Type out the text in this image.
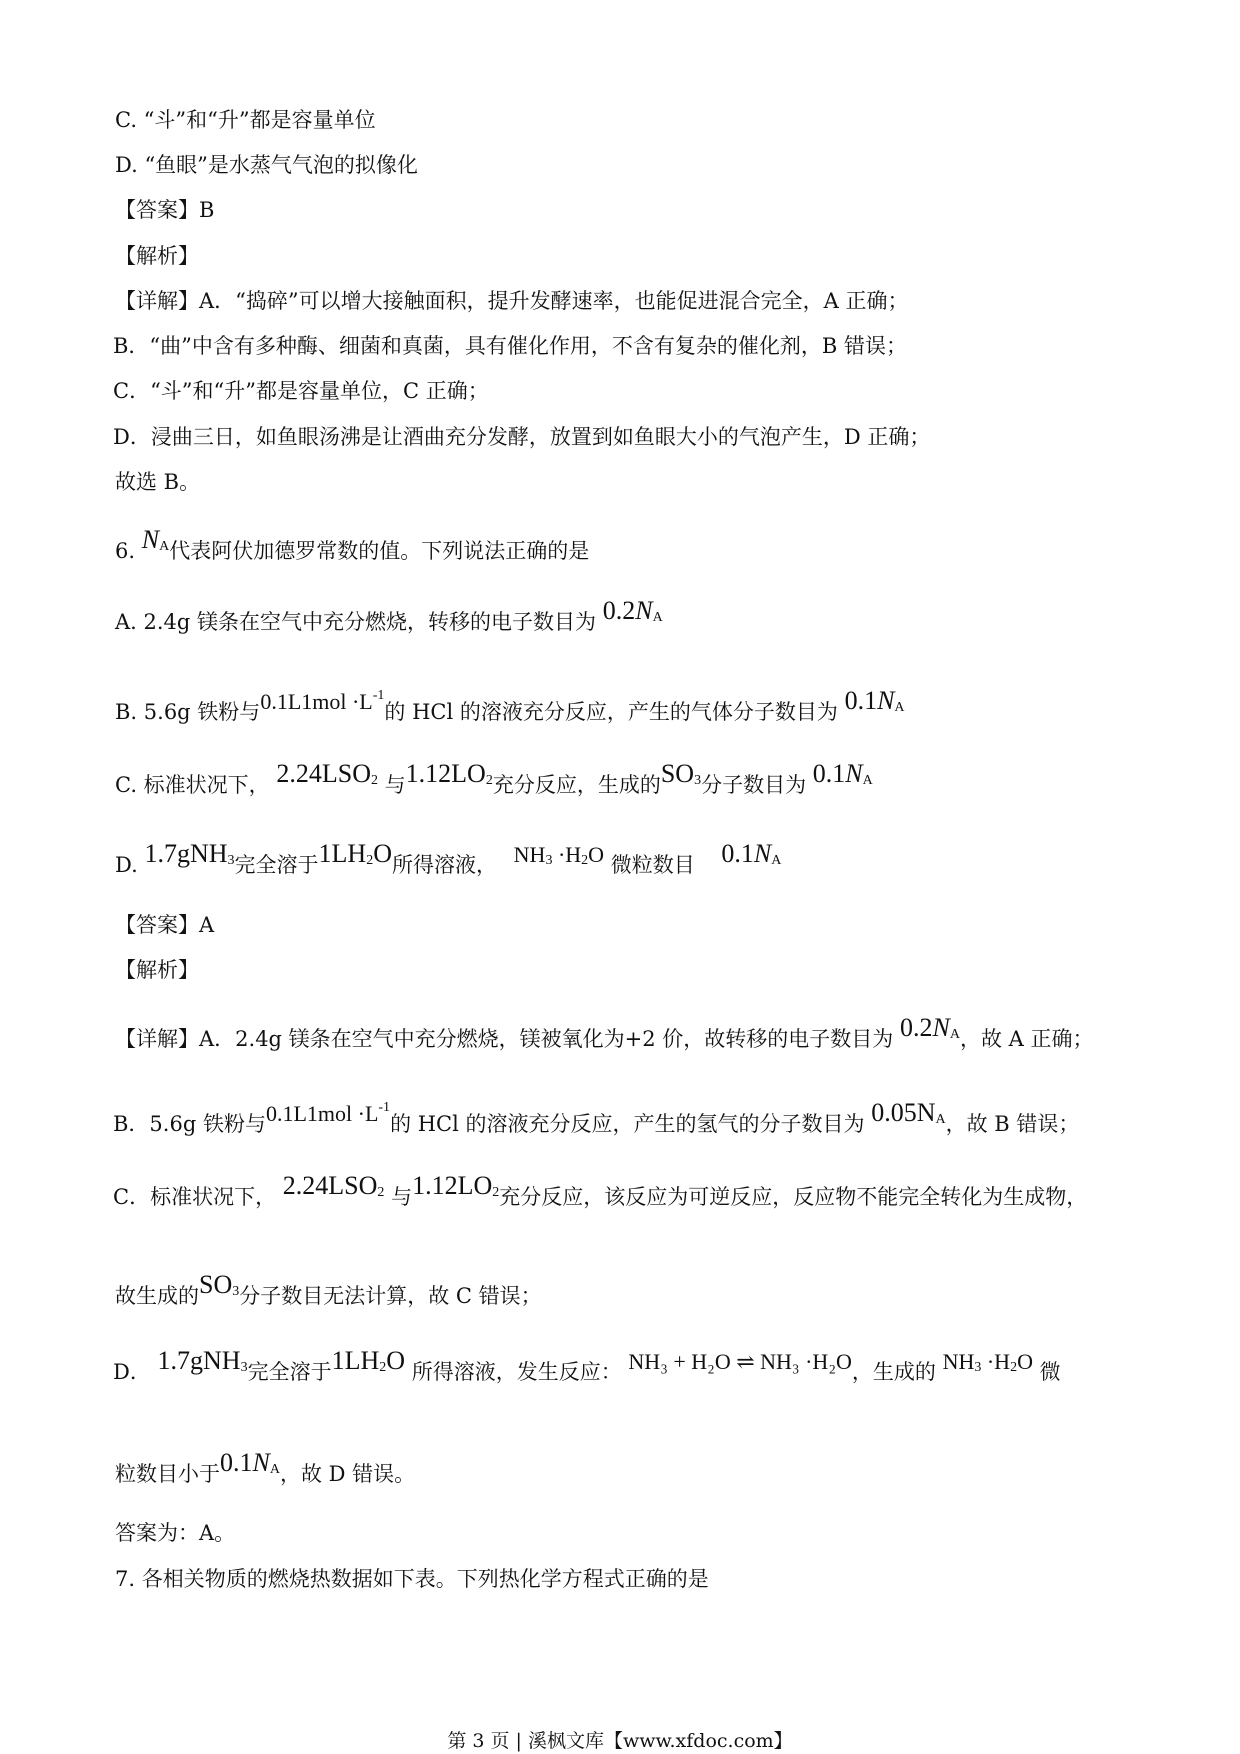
C. “斗”和“升”都是容量单位
D. “鱼眼”是水蒸气气泡的拟像化
【答案】B
【解析】
【详解】A．“捣碎”可以增大接触面积，提升发酵速率，也能促进混合完全，A 正确；
B．“曲”中含有多种酶、细菌和真菌，具有催化作用，不含有复杂的催化剂，B 错误；
C．“斗”和“升”都是容量单位，C 正确；
D．浸曲三日，如鱼眼汤沸是让酒曲充分发酵，放置到如鱼眼大小的气泡产生，D 正确；
故选 B。
6. $N_A$代表阿伏加德罗常数的值。下列说法正确的是
A. 2.4g 镁条在空气中充分燃烧，转移的电子数目为 $0.2N_A$
B. 5.6g 铁粉与$0.1L1mol \cdot L^{-1}$的 HCl 的溶液充分反应，产生的气体分子数目为 $0.1N_A$
C. 标准状况下， $2.24LSO_2$ 与$1.12LO_2$充分反应，生成的$SO_3$分子数目为 $0.1N_A$
D. 1.7gNH$_3$完全溶于$1LH_2O$所得溶液， $NH_3 \cdot H_2O$ 微粒数目 $0.1N_A$
【答案】A
【解析】
【详解】A．2.4g 镁条在空气中充分燃烧，镁被氧化为+2 价，故转移的电子数目为 $0.2N_A$，故 A 正确；
B．5.6g 铁粉与$0.1L1mol \cdot L^{-1}$的 HCl 的溶液充分反应，产生的氢气的分子数目为 $0.05N_A$，故 B 错误；
C．标准状况下， $2.24LSO_2$ 与$1.12LO_2$充分反应，该反应为可逆反应，反应物不能完全转化为生成物，
故生成的$SO_3$分子数目无法计算，故 C 错误；
D． 1.7gNH$_3$完全溶于$1LH_2O$ 所得溶液，发生反应： NH₃ + H₂O ⇌ NH₃ ·H₂O，生成的 $NH_3 \cdot H_2O$ 微
粒数目小于$0.1N_A$，故 D 错误。
答案为：A。
7. 各相关物质的燃烧热数据如下表。下列热化学方程式正确的是
第 3 页 | 溪枫文库【www.xfdoc.com】
